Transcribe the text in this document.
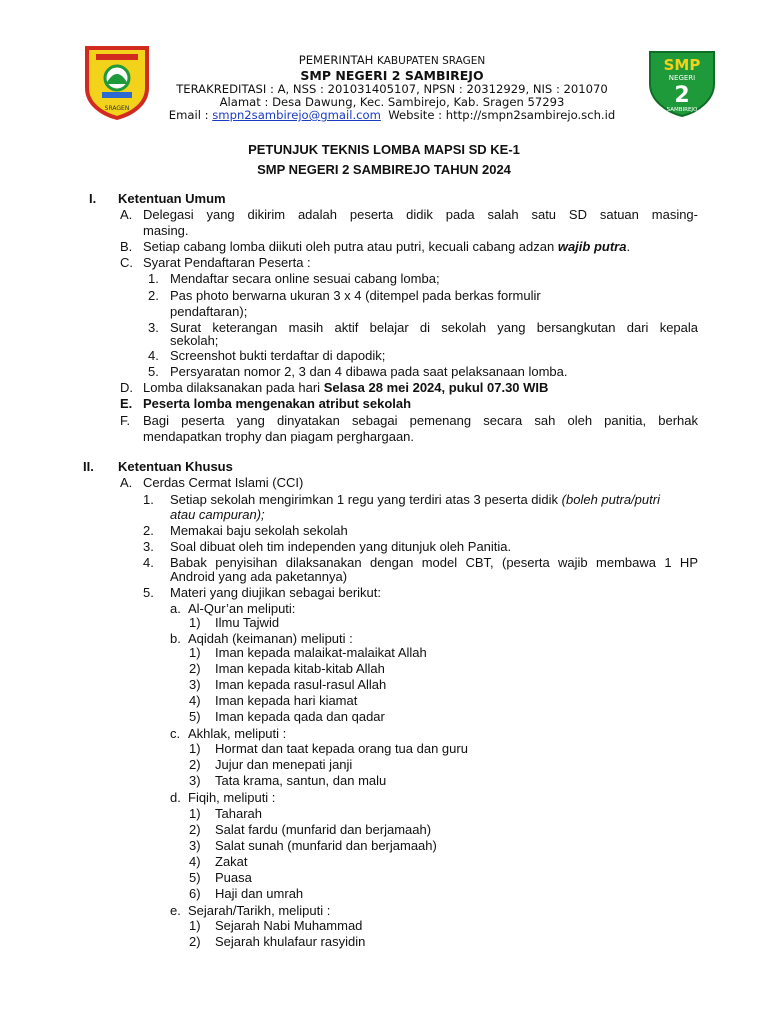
SRAGEN
SMP
NEGERI
2
SAMBIREJO
PEMERINTAH KABUPATEN SRAGEN
SMP NEGERI 2 SAMBIREJO
TERAKREDITASI : A, NSS : 201031405107, NPSN : 20312929, NIS : 201070
Alamat : Desa Dawung, Kec. Sambirejo, Kab. Sragen 57293
Email : smpn2sambirejo@gmail.com Website : http://smpn2sambirejo.sch.id
PETUNJUK TEKNIS LOMBA MAPSI SD KE-1
SMP NEGERI 2 SAMBIREJO TAHUN 2024
I. Ketentuan Umum
A. Delegasi yang dikirim adalah peserta didik pada salah satu SD satuan masing-
masing.
B. Setiap cabang lomba diikuti oleh putra atau putri, kecuali cabang adzan wajib putra.
C. Syarat Pendaftaran Peserta :
1. Mendaftar secara online sesuai cabang lomba;
2. Pas photo berwarna ukuran 3 x 4 (ditempel pada berkas formulir
pendaftaran);
3. Surat keterangan masih aktif belajar di sekolah yang bersangkutan dari kepala
sekolah;
4. Screenshot bukti terdaftar di dapodik;
5. Persyaratan nomor 2, 3 dan 4 dibawa pada saat pelaksanaan lomba.
D. Lomba dilaksanakan pada hari Selasa 28 mei 2024, pukul 07.30 WIB
E. Peserta lomba mengenakan atribut sekolah
F. Bagi peserta yang dinyatakan sebagai pemenang secara sah oleh panitia, berhak
mendapatkan trophy dan piagam perghargaan.
II. Ketentuan Khusus
A. Cerdas Cermat Islami (CCI)
1. Setiap sekolah mengirimkan 1 regu yang terdiri atas 3 peserta didik (boleh putra/putri
atau campuran);
2. Memakai baju sekolah sekolah
3. Soal dibuat oleh tim independen yang ditunjuk oleh Panitia.
4. Babak penyisihan dilaksanakan dengan model CBT, (peserta wajib membawa 1 HP
Android yang ada paketannya)
5. Materi yang diujikan sebagai berikut:
a. Al-Qur’an meliputi:
1) Ilmu Tajwid
b. Aqidah (keimanan) meliputi :
1) Iman kepada malaikat-malaikat Allah
2) Iman kepada kitab-kitab Allah
3) Iman kepada rasul-rasul Allah
4) Iman kepada hari kiamat
5) Iman kepada qada dan qadar
c. Akhlak, meliputi :
1) Hormat dan taat kepada orang tua dan guru
2) Jujur dan menepati janji
3) Tata krama, santun, dan malu
d. Fiqih, meliputi :
1) Taharah
2) Salat fardu (munfarid dan berjamaah)
3) Salat sunah (munfarid dan berjamaah)
4) Zakat
5) Puasa
6) Haji dan umrah
e. Sejarah/Tarikh, meliputi :
1) Sejarah Nabi Muhammad
2) Sejarah khulafaur rasyidin
